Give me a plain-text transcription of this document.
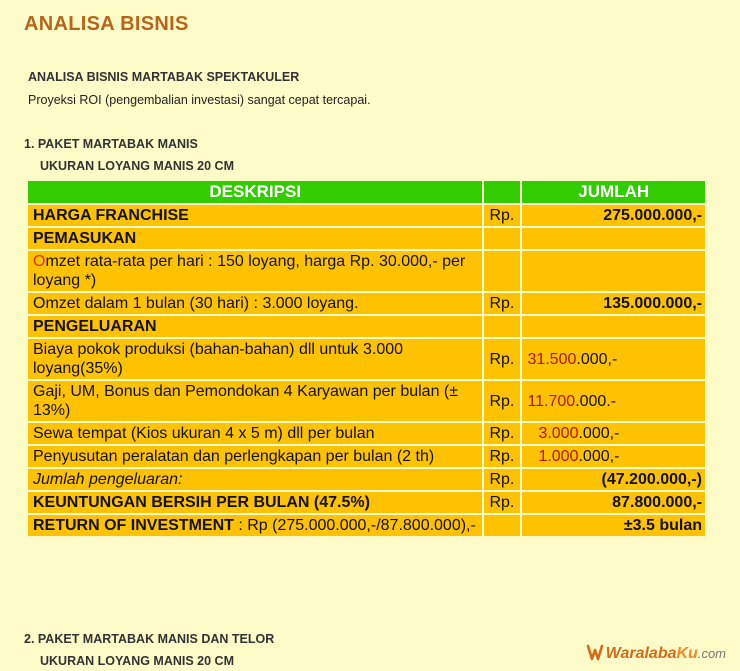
ANALISA BISNIS
ANALISA BISNIS MARTABAK SPEKTAKULER
Proyeksi ROI (pengembalian investasi) sangat cepat tercapai.
1. PAKET MARTABAK MANIS
UKURAN LOYANG MANIS 20 CM
DESKRIPSI		JUMLAH
HARGA FRANCHISE	Rp.	275.000.000,-
PEMASUKAN		
Omzet rata-rata per hari : 150 loyang, harga Rp. 30.000,- per loyang *)		
Omzet dalam 1 bulan (30 hari) : 3.000 loyang.	Rp.	135.000.000,-
PENGELUARAN		
Biaya pokok produksi (bahan-bahan) dll untuk 3.000 loyang(35%)	Rp.	31.500.000,-
Gaji, UM, Bonus dan Pemondokan 4 Karyawan per bulan (± 13%)	Rp.	11.700.000.-
Sewa tempat (Kios ukuran 4 x 5 m) dll per bulan	Rp.	3.000.000,-
Penyusutan peralatan dan perlengkapan per bulan (2 th)	Rp.	1.000.000,-
Jumlah pengeluaran:	Rp.	(47.200.000,-)
KEUNTUNGAN BERSIH PER BULAN (47.5%)	Rp.	87.800.000,-
RETURN OF INVESTMENT : Rp (275.000.000,-/87.800.000),-		±3.5 bulan
2. PAKET MARTABAK MANIS DAN TELOR
UKURAN LOYANG MANIS 20 CM	WaralabaKu.com
